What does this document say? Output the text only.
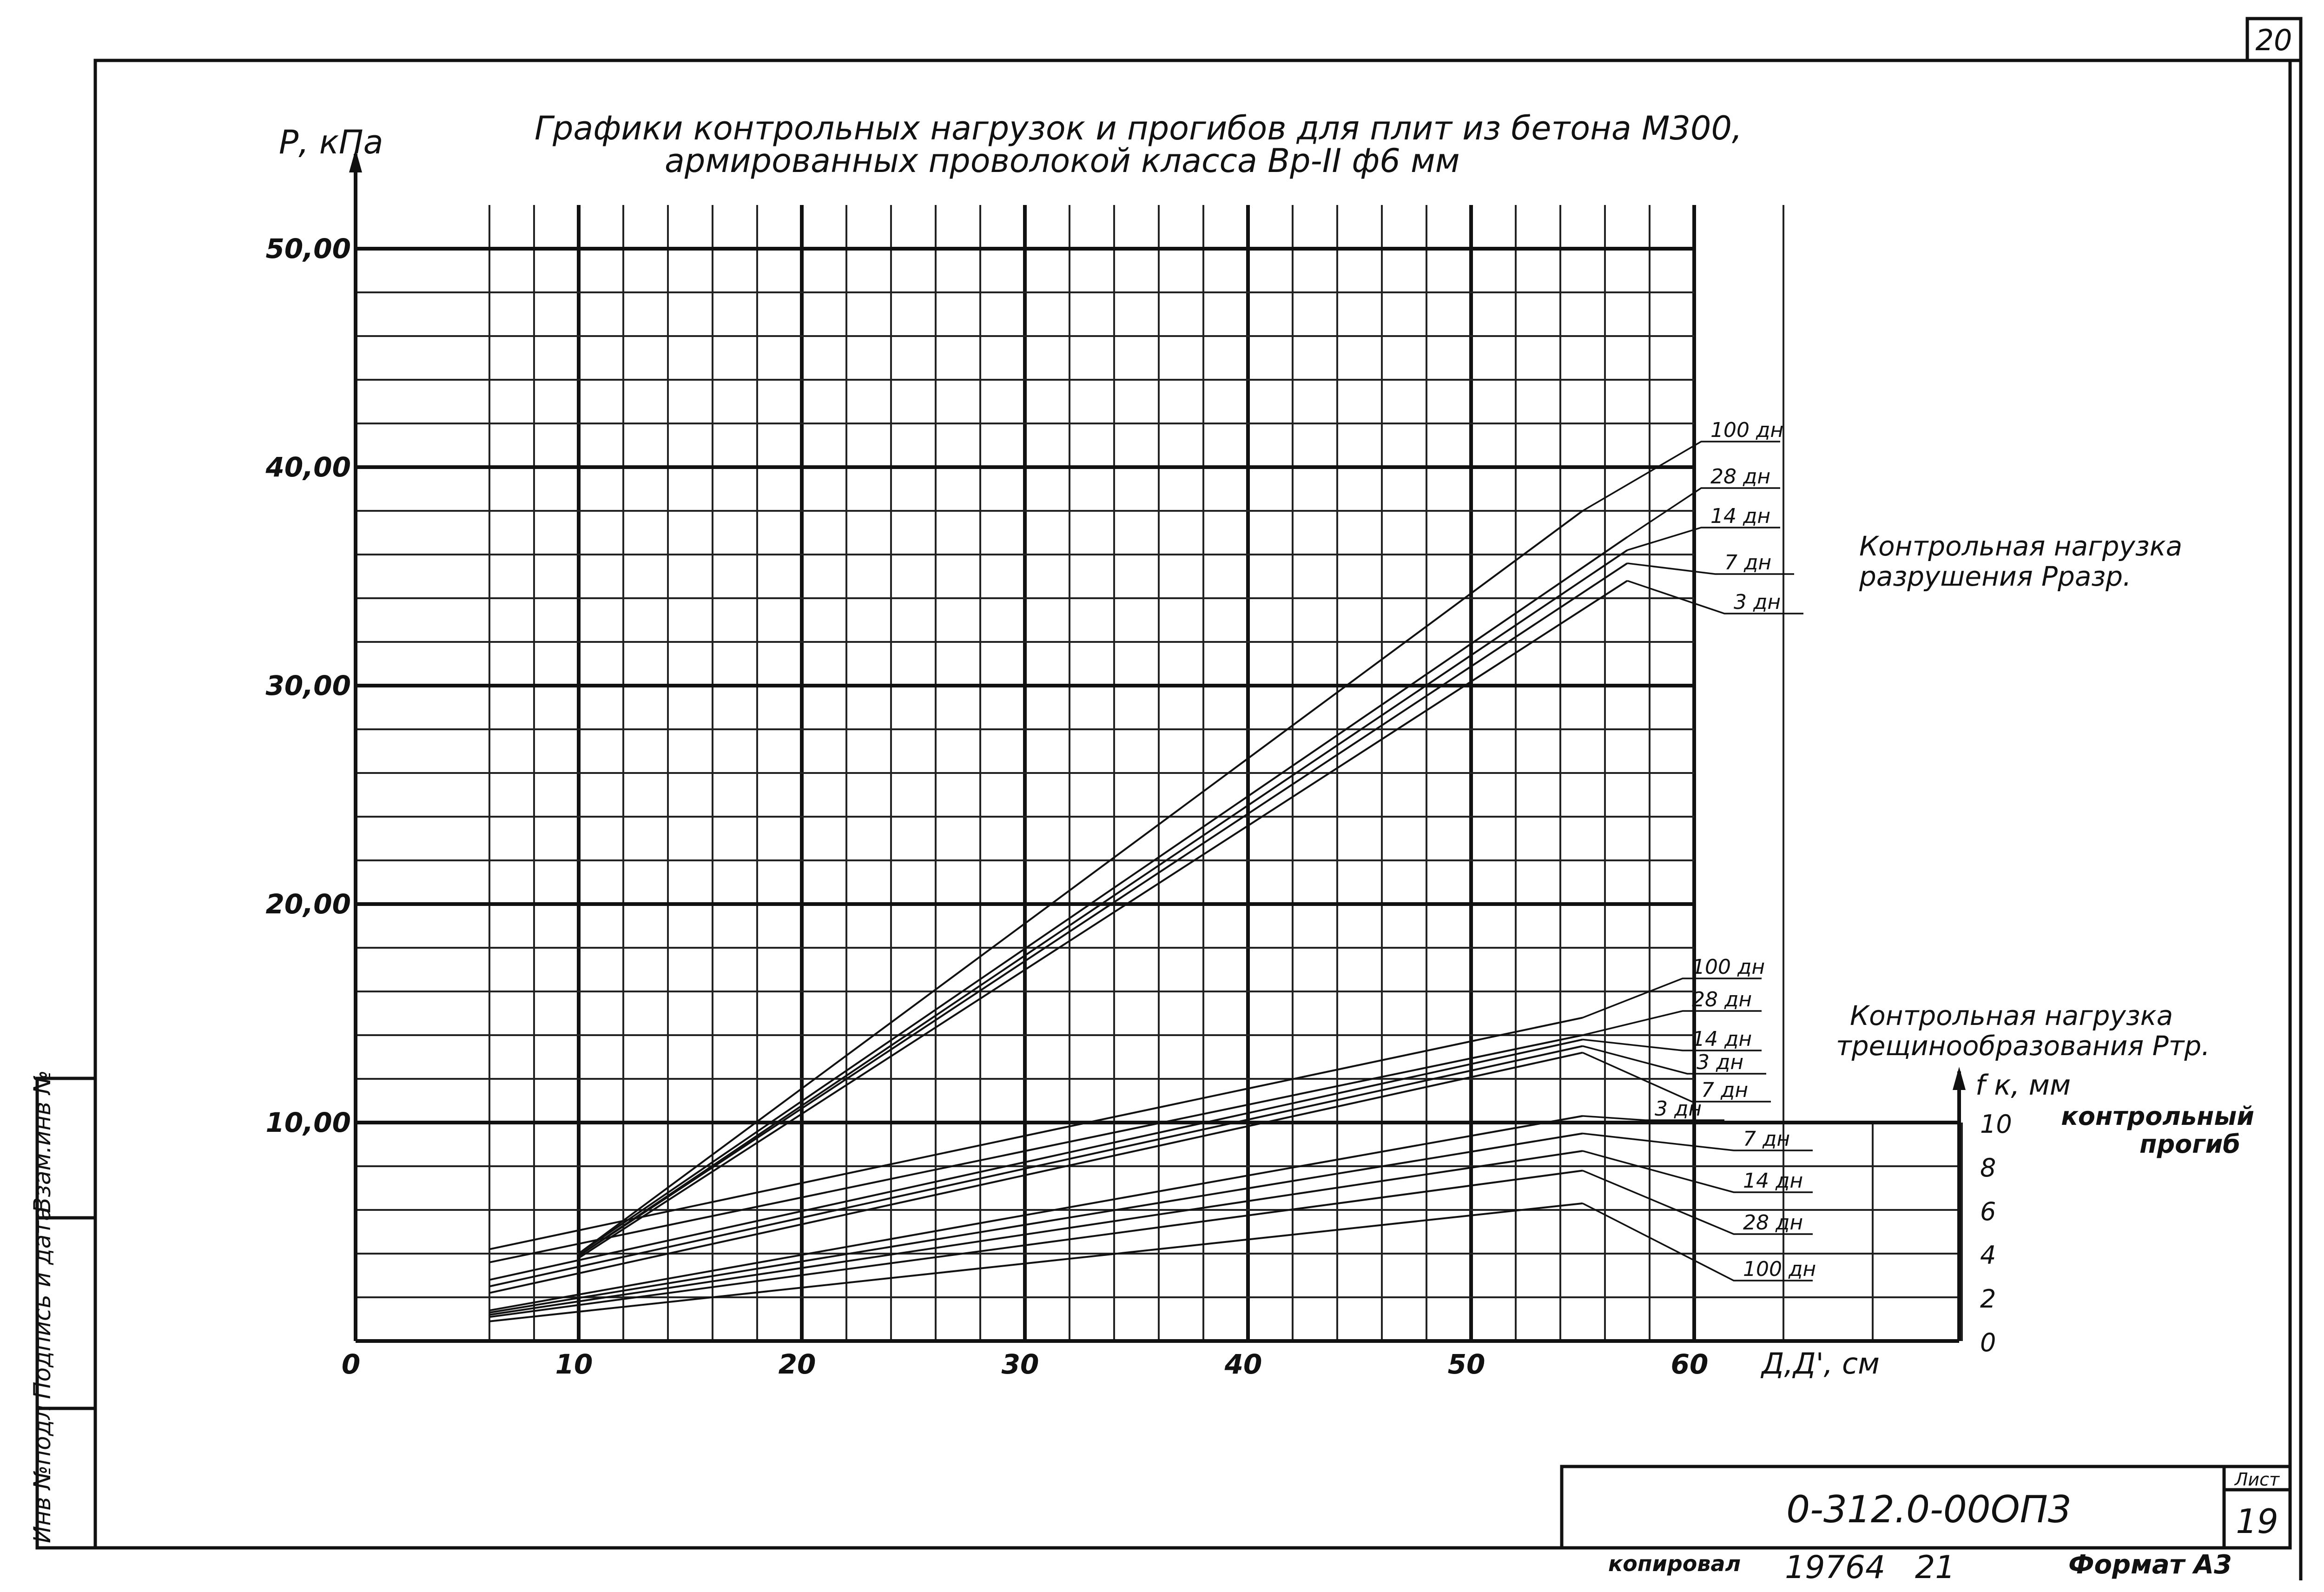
20
Инв №подл
Подпись и дата
Взам.инв №
0	10	20	30	40	50	60
10,00
20,00
30,00
40,00
50,00
0
2
4
6
8
10
100 дн
28 дн
14 дн
7 дн
3 дн
100 дн
28 дн
14 дн
3 дн
7 дн
3 дн
7 дн
14 дн
28 дн
100 дн
Графики контрольных нагрузок и прогибов для плит из бетона М300,
армированных проволокой класса Вр-II ф6 мм
Р, кПа
Д,Д', см
f к, мм
Контрольная нагрузка
разрушения Рразр.
Контрольная нагрузка
трещинообразования Ртр.
контрольный
прогиб
0-312.0-00ОП3
Лист
19
копировал 19764 21	Формат А3
